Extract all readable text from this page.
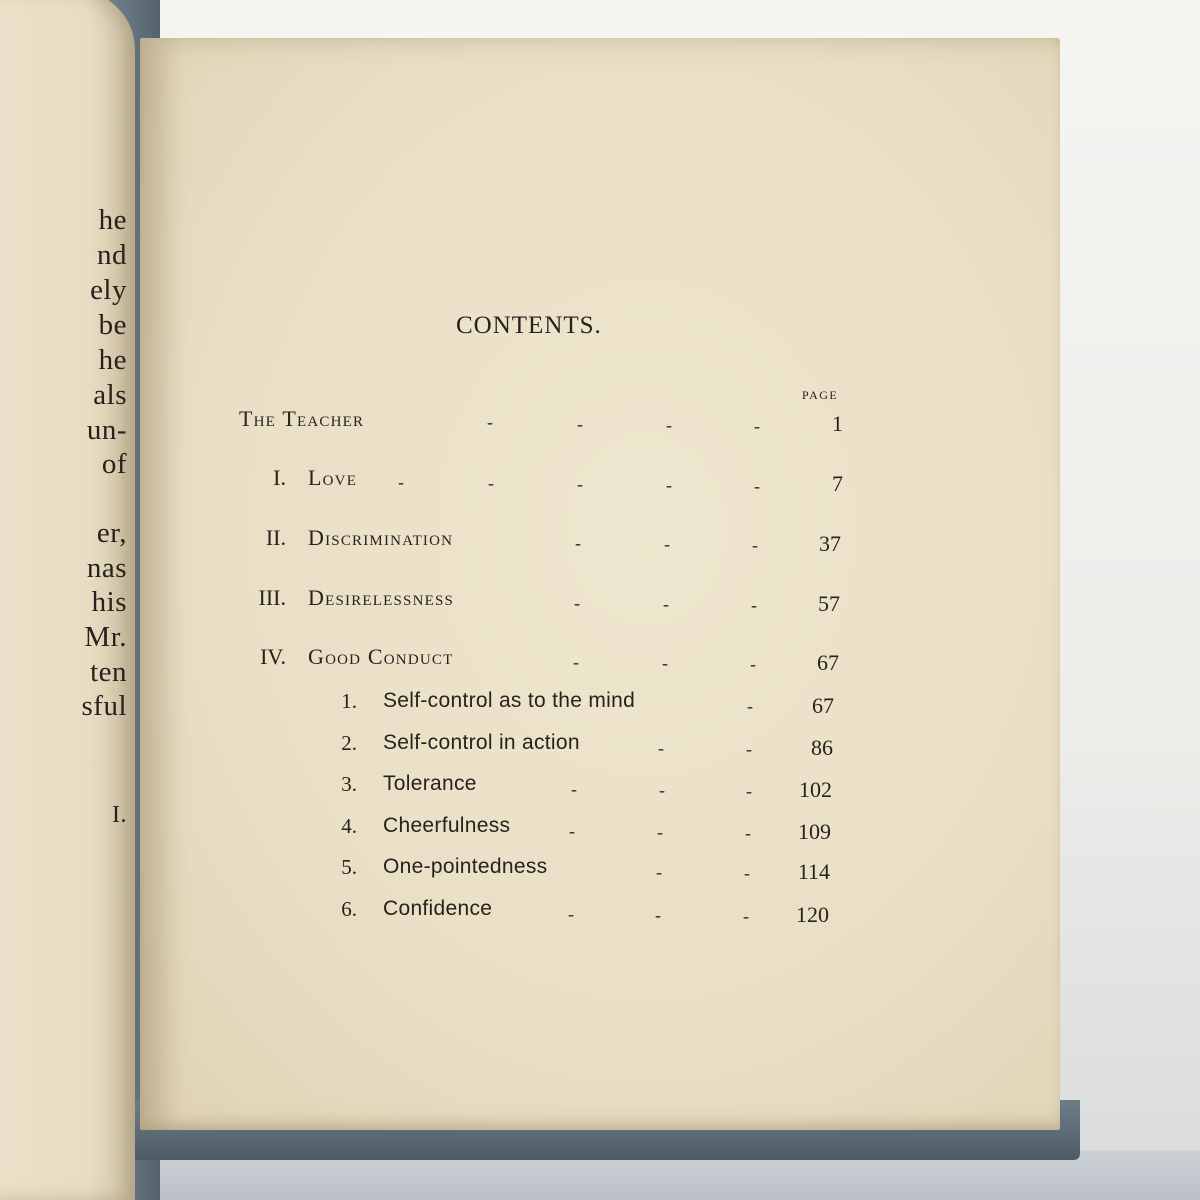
he
nd
ely
be
he
als
un-
of
er,
nas
his
Mr.
ten
sful
I.
CONTENTS.
PAGE
The Teacher	-	-	-	-	1
I. Love -	-	-	-	-	7
II. Discrimination	-	-	-	37
III. Desirelessness	-	-	-	57
IV. Good Conduct	-	-	-	67
1. Self-control as to the mind	-	67
2. Self-control in action	-	-	86
3. Tolerance	-	-	-	102
4. Cheerfulness	-	-	-	109
5. One-pointedness	-	-	114
6. Confidence	-	-	-	120
